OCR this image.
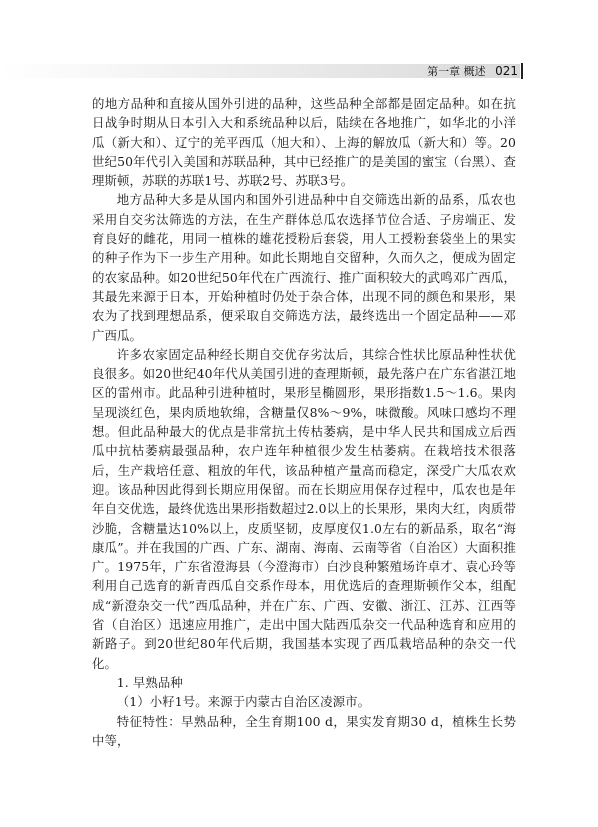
第一章 概述 021

的地方品种和直接从国外引进的品种，这些品种全部都是固定品种。如在抗日战争时期从日本引入大和系统品种以后，陆续在各地推广，如华北的小洋瓜（新大和）、辽宁的羌平西瓜（旭大和）、上海的解放瓜（新大和）等。20世纪50年代引入美国和苏联品种，其中已经推广的是美国的蜜宝（台黑）、查理斯顿，苏联的苏联1号、苏联2号、苏联3号。

地方品种大多是从国内和国外引进品种中自交筛选出新的品系，瓜农也采用自交劣汰筛选的方法，在生产群体总瓜农选择节位合适、子房端正、发育良好的雌花，用同一植株的雄花授粉后套袋，用人工授粉套袋坐上的果实的种子作为下一步生产用种。如此长期地自交留种，久而久之，便成为固定的农家品种。如20世纪50年代在广西流行、推广面积较大的武鸣邓广西瓜，其最先来源于日本，开始种植时仍处于杂合体，出现不同的颜色和果形，果农为了找到理想品系，便采取自交筛选方法，最终选出一个固定品种——邓广西瓜。

许多农家固定品种经长期自交优存劣汰后，其综合性状比原品种性状优良很多。如20世纪40年代从美国引进的查理斯顿，最先落户在广东省湛江地区的雷州市。此品种引进种植时，果形呈椭圆形，果形指数1.5～1.6。果肉呈现淡红色，果肉质地软绵，含糖量仅8%～9%，味微酸。风味口感均不理想。但此品种最大的优点是非常抗土传枯萎病，是中华人民共和国成立后西瓜中抗枯萎病最强品种，农户连年种植很少发生枯萎病。在栽培技术很落后，生产栽培任意、粗放的年代，该品种植产量高而稳定，深受广大瓜农欢迎。该品种因此得到长期应用保留。而在长期应用保存过程中，瓜农也是年年自交优选，最终优选出果形指数超过2.0以上的长果形，果肉大红，肉质带沙脆，含糖量达10%以上，皮质坚韧，皮厚度仅1.0左右的新品系，取名“海康瓜”。并在我国的广西、广东、湖南、海南、云南等省（自治区）大面积推广。1975年，广东省澄海县（今澄海市）白沙良种繁殖场许卓才、袁心玲等利用自己选育的新青西瓜自交系作母本，用优选后的查理斯顿作父本，组配成“新澄杂交一代”西瓜品种，并在广东、广西、安徽、浙江、江苏、江西等省（自治区）迅速应用推广，走出中国大陆西瓜杂交一代品种选育和应用的新路子。到20世纪80年代后期，我国基本实现了西瓜栽培品种的杂交一代化。

1. 早熟品种

（1）小籽1号。来源于内蒙古自治区凌源市。

特征特性：早熟品种，全生育期100 d，果实发育期30 d，植株生长势中等，
